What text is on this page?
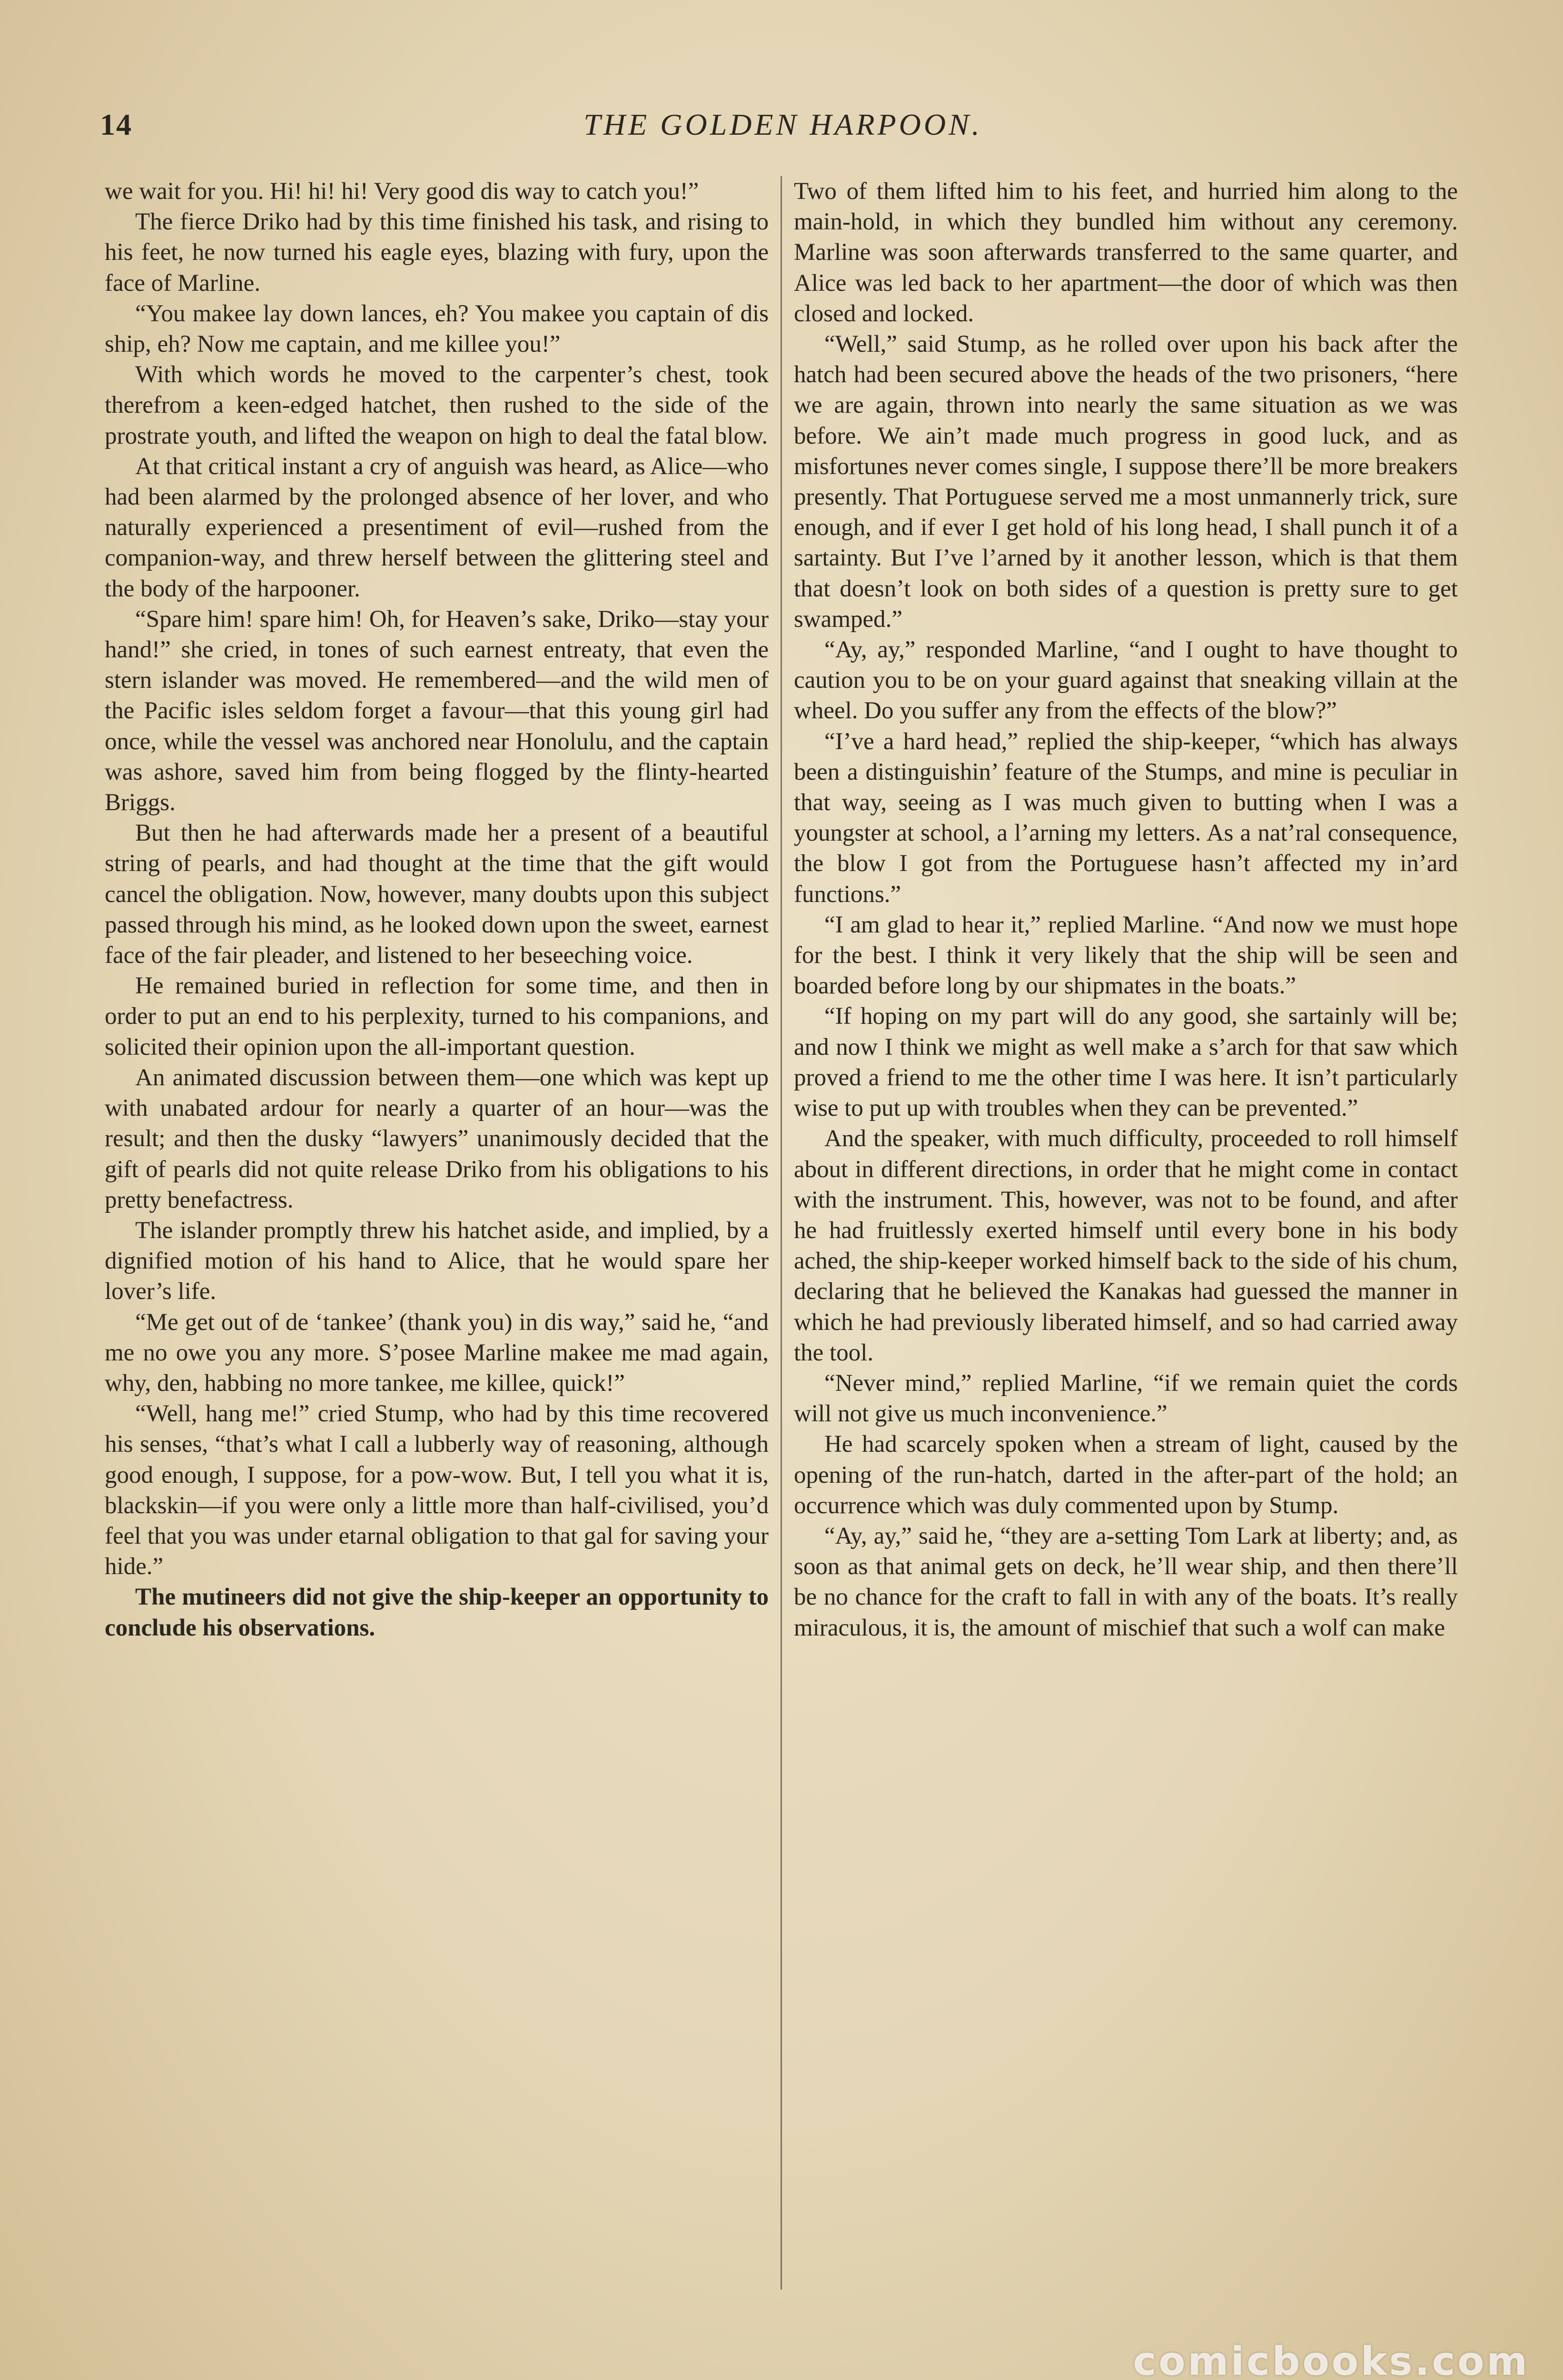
14	THE GOLDEN HARPOON.

we wait for you. Hi! hi! hi! Very good dis way to catch you!”

The fierce Driko had by this time finished his task, and rising to his feet, he now turned his eagle eyes, blazing with fury, upon the face of Marline.

“You makee lay down lances, eh? You makee you captain of dis ship, eh? Now me captain, and me killee you!”

With which words he moved to the carpenter’s chest, took therefrom a keen-edged hatchet, then rushed to the side of the prostrate youth, and lifted the weapon on high to deal the fatal blow.

At that critical instant a cry of anguish was heard, as Alice—who had been alarmed by the prolonged absence of her lover, and who naturally experienced a presentiment of evil—rushed from the companion-way, and threw herself between the glittering steel and the body of the harpooner.

“Spare him! spare him! Oh, for Heaven’s sake, Driko—stay your hand!” she cried, in tones of such earnest entreaty, that even the stern islander was moved. He remembered—and the wild men of the Pacific isles seldom forget a favour—that this young girl had once, while the vessel was anchored near Honolulu, and the captain was ashore, saved him from being flogged by the flinty-hearted Briggs.

But then he had afterwards made her a present of a beautiful string of pearls, and had thought at the time that the gift would cancel the obligation. Now, however, many doubts upon this subject passed through his mind, as he looked down upon the sweet, earnest face of the fair pleader, and listened to her beseeching voice.

He remained buried in reflection for some time, and then in order to put an end to his perplexity, turned to his companions, and solicited their opinion upon the all-important question.

An animated discussion between them—one which was kept up with unabated ardour for nearly a quarter of an hour—was the result; and then the dusky “lawyers” unanimously decided that the gift of pearls did not quite release Driko from his obligations to his pretty benefactress.

The islander promptly threw his hatchet aside, and implied, by a dignified motion of his hand to Alice, that he would spare her lover’s life.

“Me get out of de ‘tankee’ (thank you) in dis way,” said he, “and me no owe you any more. S’posee Marline makee me mad again, why, den, habbing no more tankee, me killee, quick!”

“Well, hang me!” cried Stump, who had by this time recovered his senses, “that’s what I call a lubberly way of reasoning, although good enough, I suppose, for a pow-wow. But, I tell you what it is, blackskin—if you were only a little more than half-civilised, you’d feel that you was under etarnal obligation to that gal for saving your hide.”

The mutineers did not give the ship-keeper an opportunity to conclude his observations.

Two of them lifted him to his feet, and hurried him along to the main-hold, in which they bundled him without any ceremony. Marline was soon afterwards transferred to the same quarter, and Alice was led back to her apartment—the door of which was then closed and locked.

“Well,” said Stump, as he rolled over upon his back after the hatch had been secured above the heads of the two prisoners, “here we are again, thrown into nearly the same situation as we was before. We ain’t made much progress in good luck, and as misfortunes never comes single, I suppose there’ll be more breakers presently. That Portuguese served me a most unmannerly trick, sure enough, and if ever I get hold of his long head, I shall punch it of a sartainty. But I’ve l’arned by it another lesson, which is that them that doesn’t look on both sides of a question is pretty sure to get swamped.”

“Ay, ay,” responded Marline, “and I ought to have thought to caution you to be on your guard against that sneaking villain at the wheel. Do you suffer any from the effects of the blow?”

“I’ve a hard head,” replied the ship-keeper, “which has always been a distinguishin’ feature of the Stumps, and mine is peculiar in that way, seeing as I was much given to butting when I was a youngster at school, a l’arning my letters. As a nat’ral consequence, the blow I got from the Portuguese hasn’t affected my in’ard functions.”

“I am glad to hear it,” replied Marline. “And now we must hope for the best. I think it very likely that the ship will be seen and boarded before long by our shipmates in the boats.”

“If hoping on my part will do any good, she sartainly will be; and now I think we might as well make a s’arch for that saw which proved a friend to me the other time I was here. It isn’t particularly wise to put up with troubles when they can be prevented.”

And the speaker, with much difficulty, proceeded to roll himself about in different directions, in order that he might come in contact with the instrument. This, however, was not to be found, and after he had fruitlessly exerted himself until every bone in his body ached, the ship-keeper worked himself back to the side of his chum, declaring that he believed the Kanakas had guessed the manner in which he had previously liberated himself, and so had carried away the tool.

“Never mind,” replied Marline, “if we remain quiet the cords will not give us much inconvenience.”

He had scarcely spoken when a stream of light, caused by the opening of the run-hatch, darted in the after-part of the hold; an occurrence which was duly commented upon by Stump.

“Ay, ay,” said he, “they are a-setting Tom Lark at liberty; and, as soon as that animal gets on deck, he’ll wear ship, and then there’ll be no chance for the craft to fall in with any of the boats. It’s really miraculous, it is, the amount of mischief that such a wolf can make

comicbooks.com
